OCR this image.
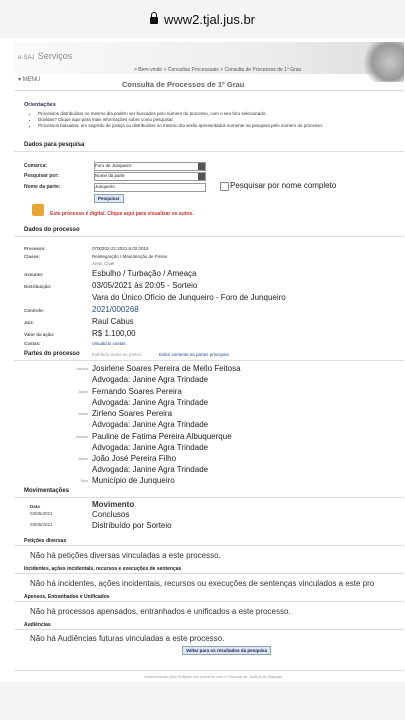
www2.tjal.jus.br
e-SAJ Serviços
> Bem-vindo > Consultas Processuais > Consulta de Processos de 1º Grau
▾ MENU	Consulta de Processos de 1º Grau
Orientações
• Processos distribuídos no mesmo dia podem ser buscados pelo número do processo, com o seu foro selecionado.
• Dúvidas? Clique aqui para mais informações sobre como pesquisar.
• Processos baixados, em segredo de justiça ou distribuídos no mesmo dia serão apresentados somente na pesquisa pelo número do processo.
Dados para pesquisa
Comarca:	Foro de Junqueiro
Pesquisar por:	Nome da parte
Nome da parte:	Junqueiro	Pesquisar por nome completo
Pesquisar
Este processo é digital. Clique aqui para visualizar os autos.
Dados do processo
Processo:	0700202-22.2021.8.02.0016
Classe:	Reintegração / Manutenção de Posse
Área: Cível
Assunto:	Esbulho / Turbação / Ameaça
Distribuição:	03/05/2021 às 20:05 - Sorteio
Vara do Único Ofício de Junqueiro - Foro de Junqueiro
Controle:	2021/000268
Juiz:	Raul Cabus
Valor da ação:	R$ 1.100,00
Custas:	Visualizar custas
Partes do processo	Exibindo todas as partes.	Exibir somente as partes principais.
Autora Josirlene Soares Pereira de Mello Feitosa
Advogada: Janine Agra Trindade
Autor Fernando Soares Pereira
Advogada: Janine Agra Trindade
Autor Zirleno Soares Pereira
Advogada: Janine Agra Trindade
Autora Pauline de Fatima Pereira Albuquerque
Advogada: Janine Agra Trindade
Autor João José Pereira Filho
Advogada: Janine Agra Trindade
Réu Município de Junqueiro
Movimentações
Data	Movimento
03/05/2021	Conclusos
03/05/2021	Distribuído por Sorteio
Petições diversas
Não há petições diversas vinculadas a este processo.
Incidentes, ações incidentais, recursos e execuções de sentenças
Não há incidentes, ações incidentais, recursos ou execuções de sentenças vinculados a este pro
Apensos, Entranhados e Unificados
Não há processos apensados, entranhados e unificados a este processo.
Audiências
Não há Audiências futuras vinculadas a este processo.
Voltar para os resultados da pesquisa
Desenvolvido pela Softplan em parceria com o Tribunal de Justiça de Alagoas
